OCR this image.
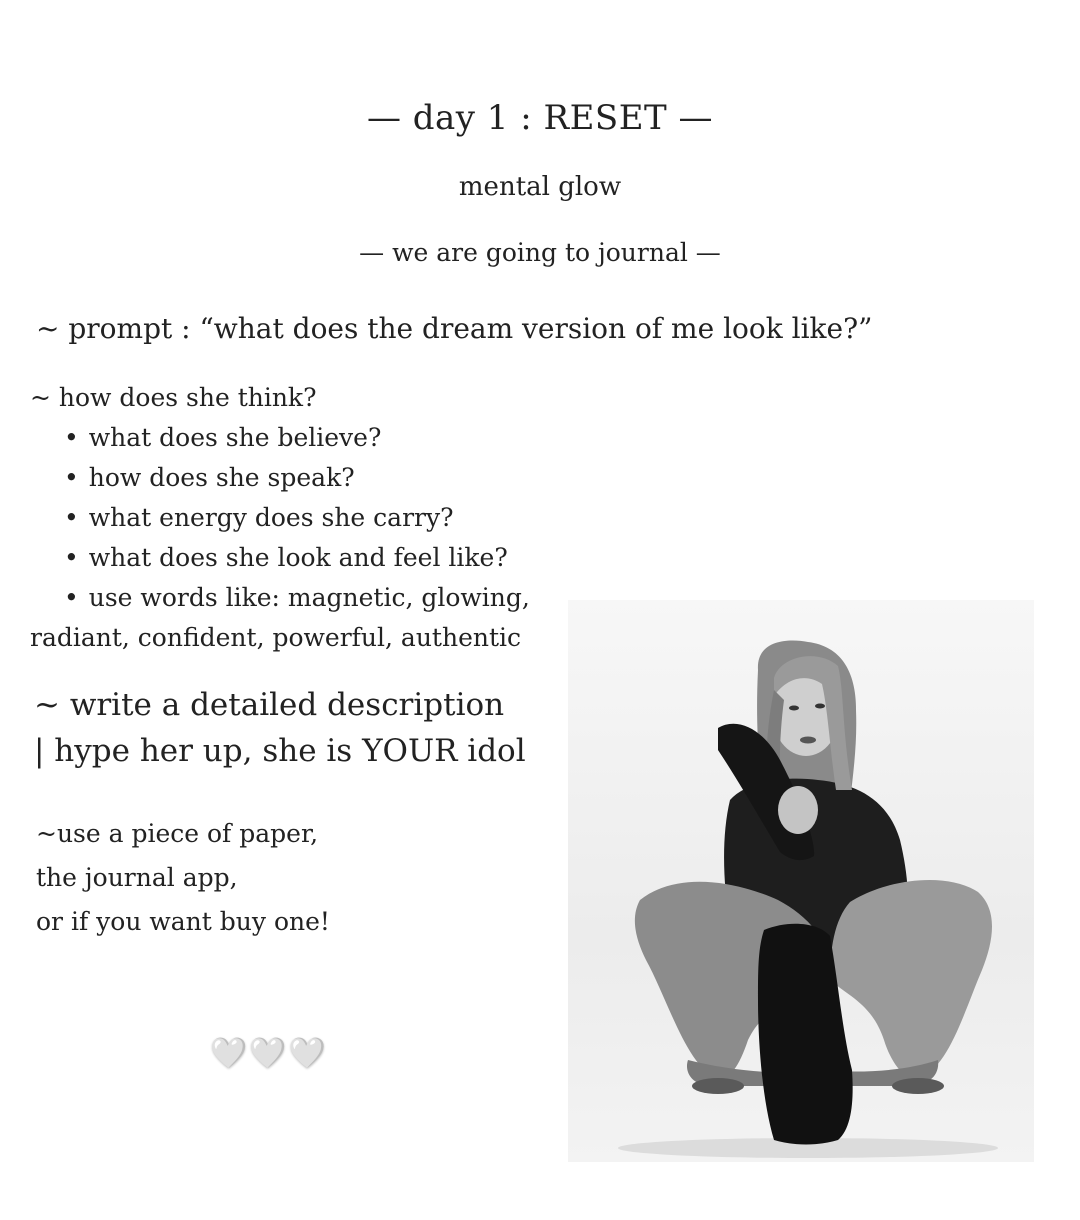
— day 1 : RESET —
mental glow
— we are going to journal —
~ prompt : “what does the dream version of me look like?”
~ how does she think?
• what does she believe?
• how does she speak?
• what energy does she carry?
• what does she look and feel like?
• use words like: magnetic, glowing,
radiant, confident, powerful, authentic
~ write a detailed description
| hype her up, she is YOUR idol
~use a piece of paper,
the journal app,
or if you want buy one!
🤍🤍🤍
